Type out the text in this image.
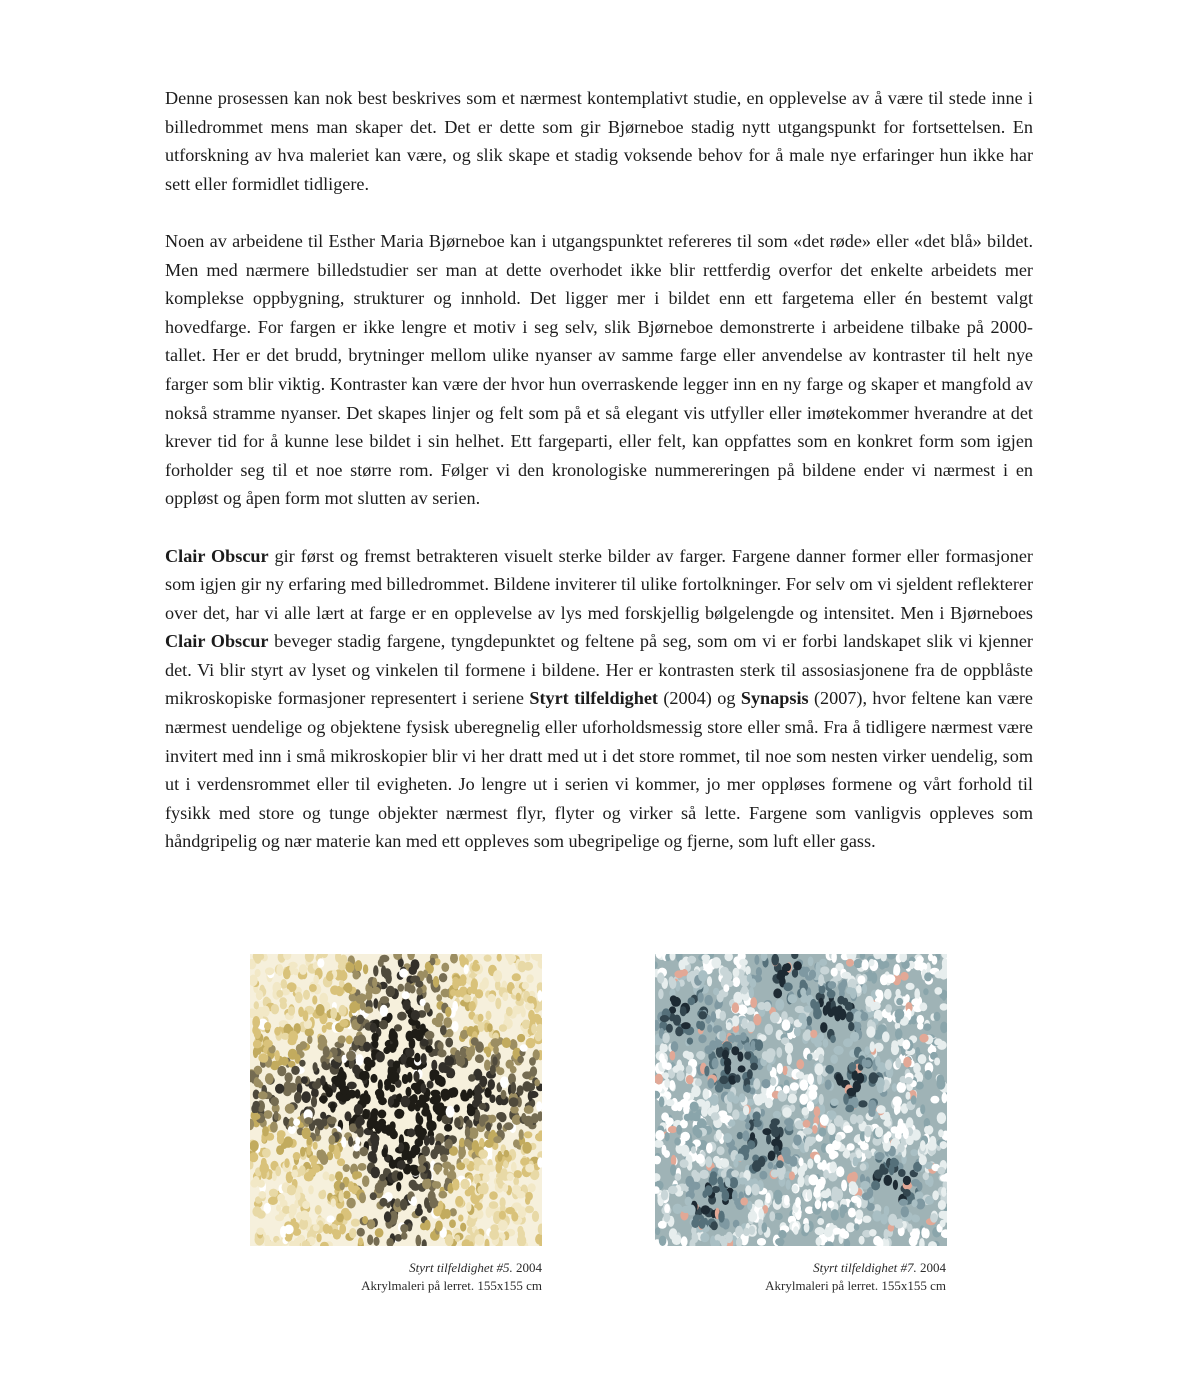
Denne prosessen kan nok best beskrives som et nærmest kontemplativt studie, en opplevelse av å være til stede inne i billedrommet mens man skaper det. Det er dette som gir Bjørneboe stadig nytt utgangspunkt for fortsettelsen. En utforskning av hva maleriet kan være, og slik skape et stadig voksende behov for å male nye erfaringer hun ikke har sett eller formidlet tidligere.

Noen av arbeidene til Esther Maria Bjørneboe kan i utgangspunktet refereres til som «det røde» eller «det blå» bildet. Men med nærmere billedstudier ser man at dette overhodet ikke blir rettferdig overfor det enkelte arbeidets mer komplekse oppbygning, strukturer og innhold. Det ligger mer i bildet enn ett fargetema eller én bestemt valgt hovedfarge. For fargen er ikke lengre et motiv i seg selv, slik Bjørneboe demonstrerte i arbeidene tilbake på 2000-tallet. Her er det brudd, brytninger mellom ulike nyanser av samme farge eller anvendelse av kontraster til helt nye farger som blir viktig. Kontraster kan være der hvor hun overraskende legger inn en ny farge og skaper et mangfold av nokså stramme nyanser. Det skapes linjer og felt som på et så elegant vis utfyller eller imøtekommer hverandre at det krever tid for å kunne lese bildet i sin helhet. Ett fargeparti, eller felt, kan oppfattes som en konkret form som igjen forholder seg til et noe større rom. Følger vi den kronologiske nummereringen på bildene ender vi nærmest i en oppløst og åpen form mot slutten av serien.

Clair Obscur gir først og fremst betrakteren visuelt sterke bilder av farger. Fargene danner former eller formasjoner som igjen gir ny erfaring med billedrommet. Bildene inviterer til ulike fortolkninger. For selv om vi sjeldent reflekterer over det, har vi alle lært at farge er en opplevelse av lys med forskjellig bølgelengde og intensitet. Men i Bjørneboes Clair Obscur beveger stadig fargene, tyngdepunktet og feltene på seg, som om vi er forbi landskapet slik vi kjenner det. Vi blir styrt av lyset og vinkelen til formene i bildene. Her er kontrasten sterk til assosiasjonene fra de oppblåste mikroskopiske formasjoner representert i seriene Styrt tilfeldighet (2004) og Synapsis (2007), hvor feltene kan være nærmest uendelige og objektene fysisk uberegnelig eller uforholdsmessig store eller små. Fra å tidligere nærmest være invitert med inn i små mikroskopier blir vi her dratt med ut i det store rommet, til noe som nesten virker uendelig, som ut i verdensrommet eller til evigheten. Jo lengre ut i serien vi kommer, jo mer oppløses formene og vårt forhold til fysikk med store og tunge objekter nærmest flyr, flyter og virker så lette. Fargene som vanligvis oppleves som håndgripelig og nær materie kan med ett oppleves som ubegripelige og fjerne, som luft eller gass.

Styrt tilfeldighet #5. 2004
Akrylmaleri på lerret. 155x155 cm
Styrt tilfeldighet #7. 2004
Akrylmaleri på lerret. 155x155 cm
